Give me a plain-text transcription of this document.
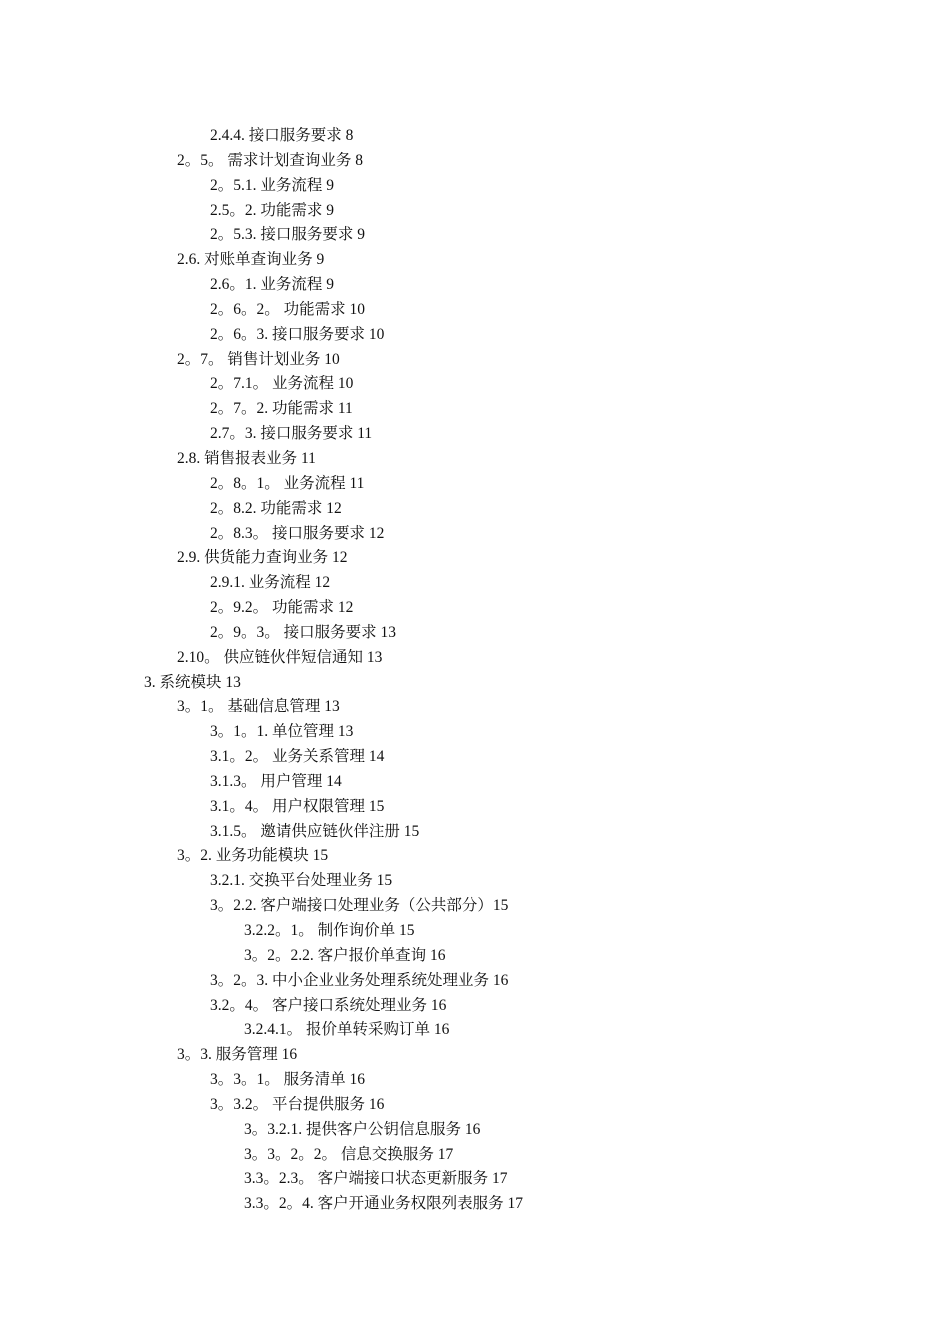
2.4.4. 接口服务要求 8
2。5。 需求计划查询业务 8
2。5.1. 业务流程 9
2.5。2. 功能需求 9
2。5.3. 接口服务要求 9
2.6. 对账单查询业务 9
2.6。1. 业务流程 9
2。6。2。 功能需求 10
2。6。3. 接口服务要求 10
2。7。 销售计划业务 10
2。7.1。 业务流程 10
2。7。2. 功能需求 11
2.7。3. 接口服务要求 11
2.8. 销售报表业务 11
2。8。1。 业务流程 11
2。8.2. 功能需求 12
2。8.3。 接口服务要求 12
2.9. 供货能力查询业务 12
2.9.1. 业务流程 12
2。9.2。 功能需求 12
2。9。3。 接口服务要求 13
2.10。 供应链伙伴短信通知 13
3. 系统模块 13
3。1。 基础信息管理 13
3。1。1. 单位管理 13
3.1。2。 业务关系管理 14
3.1.3。 用户管理 14
3.1。4。 用户权限管理 15
3.1.5。 邀请供应链伙伴注册 15
3。2. 业务功能模块 15
3.2.1. 交换平台处理业务 15
3。2.2. 客户端接口处理业务（公共部分）15
3.2.2。1。 制作询价单 15
3。2。2.2. 客户报价单查询 16
3。2。3. 中小企业业务处理系统处理业务 16
3.2。4。 客户接口系统处理业务 16
3.2.4.1。 报价单转采购订单 16
3。3. 服务管理 16
3。3。1。 服务清单 16
3。3.2。 平台提供服务 16
3。3.2.1. 提供客户公钥信息服务 16
3。3。2。2。 信息交换服务 17
3.3。2.3。 客户端接口状态更新服务 17
3.3。2。4. 客户开通业务权限列表服务 17
